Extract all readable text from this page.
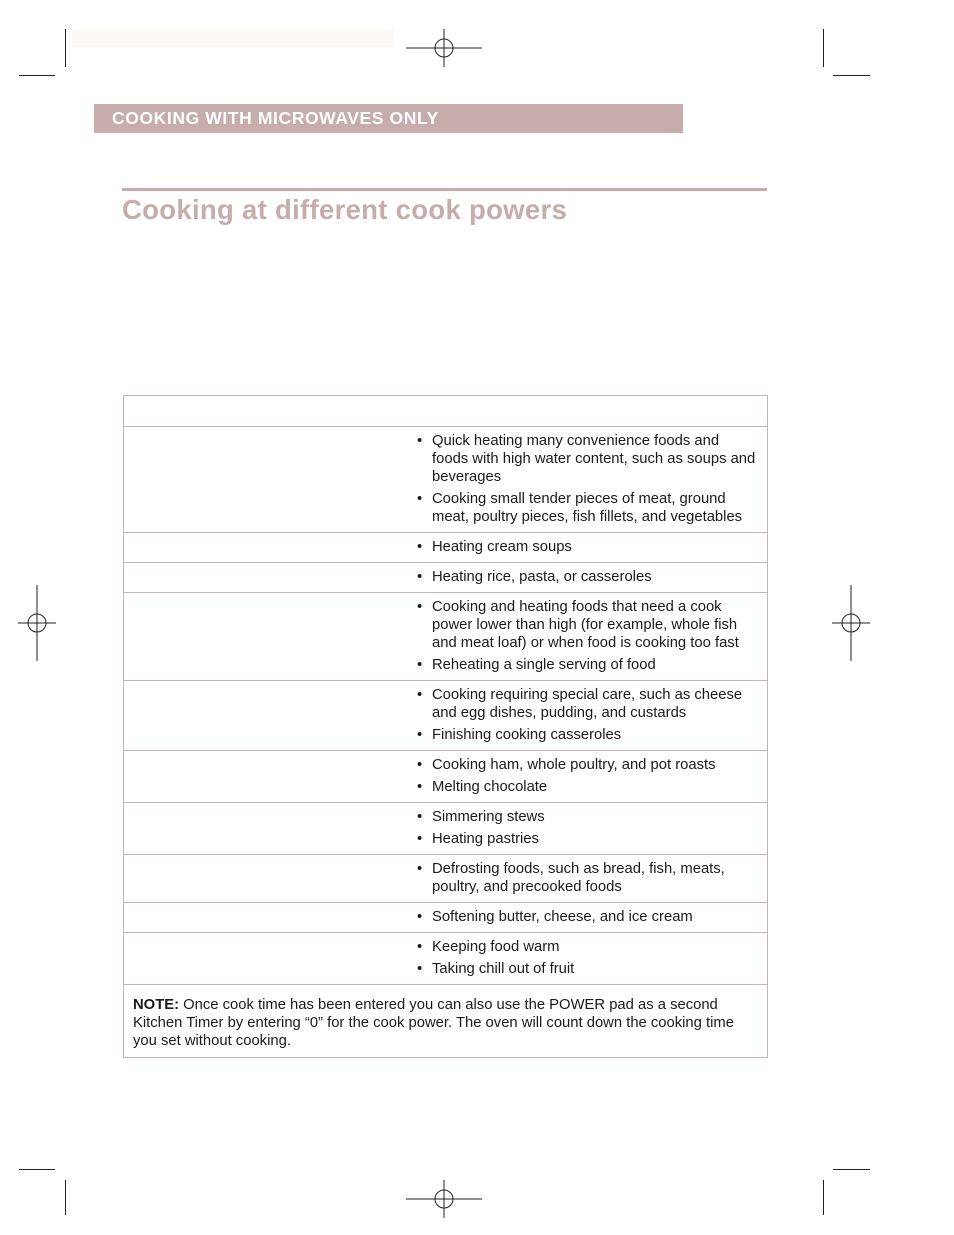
COOKING WITH MICROWAVES ONLY
Cooking at different cook powers
• Quick heating many convenience foods and foods with high water content, such as soups and beverages
• Cooking small tender pieces of meat, ground meat, poultry pieces, fish fillets, and vegetables
• Heating cream soups
• Heating rice, pasta, or casseroles
• Cooking and heating foods that need a cook power lower than high (for example, whole fish and meat loaf) or when food is cooking too fast
• Reheating a single serving of food
• Cooking requiring special care, such as cheese and egg dishes, pudding, and custards
• Finishing cooking casseroles
• Cooking ham, whole poultry, and pot roasts
• Melting chocolate
• Simmering stews
• Heating pastries
• Defrosting foods, such as bread, fish, meats, poultry, and precooked foods
• Softening butter, cheese, and ice cream
• Keeping food warm
• Taking chill out of fruit
NOTE: Once cook time has been entered you can also use the POWER pad as a second Kitchen Timer by entering “0” for the cook power. The oven will count down the cooking time you set without cooking.
